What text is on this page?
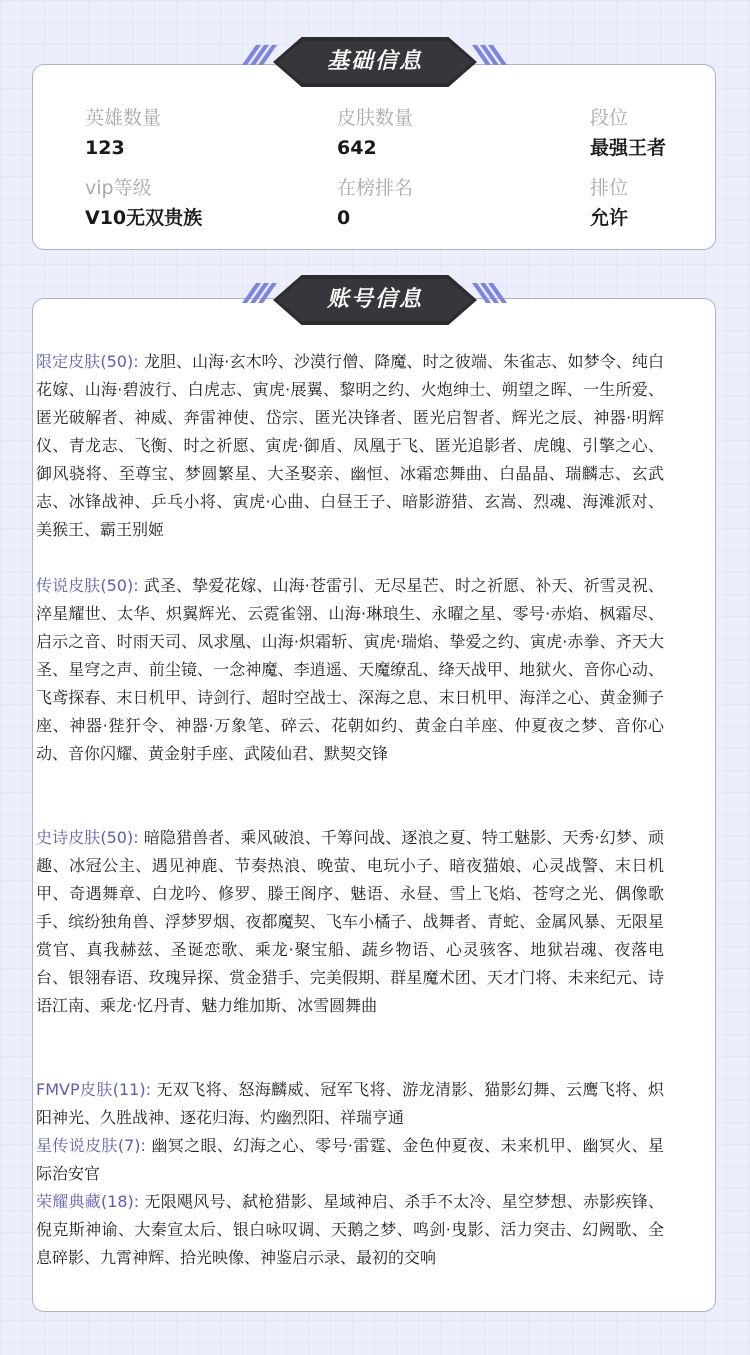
英雄数量
123
皮肤数量
642
段位
最强王者
vip等级
V10无双贵族
在榜排名
0
排位
允许
基础信息
账号信息
限定皮肤(50): 龙胆、山海·玄木吟、沙漠行僧、降魔、时之彼端、朱雀志、如梦令、纯白花嫁、山海·碧波行、白虎志、寅虎·展翼、黎明之约、火炮绅士、朔望之晖、一生所爱、匿光破解者、神威、奔雷神使、岱宗、匿光决锋者、匿光启智者、辉光之辰、神器·明辉仪、青龙志、飞衡、时之祈愿、寅虎·御盾、凤凰于飞、匿光追影者、虎魄、引擎之心、御风骁将、至尊宝、梦圆繁星、大圣娶亲、幽恒、冰霜恋舞曲、白晶晶、瑞麟志、玄武志、冰锋战神、乒乓小将、寅虎·心曲、白昼王子、暗影游猎、玄嵩、烈魂、海滩派对、美猴王、霸王别姬
传说皮肤(50): 武圣、挚爱花嫁、山海·苍雷引、无尽星芒、时之祈愿、补天、祈雪灵祝、淬星耀世、太华、炽翼辉光、云霓雀翎、山海·琳琅生、永曜之星、零号·赤焰、枫霜尽、启示之音、时雨天司、凤求凰、山海·炽霜斩、寅虎·瑞焰、挚爱之约、寅虎·赤拳、齐天大圣、星穹之声、前尘镜、一念神魔、李逍遥、天魔缭乱、绛天战甲、地狱火、音你心动、飞鸢探春、末日机甲、诗剑行、超时空战士、深海之息、末日机甲、海洋之心、黄金狮子座、神器·狴犴令、神器·万象笔、碎云、花朝如约、黄金白羊座、仲夏夜之梦、音你心动、音你闪耀、黄金射手座、武陵仙君、默契交锋
史诗皮肤(50): 暗隐猎兽者、乘风破浪、千筹问战、逐浪之夏、特工魅影、天秀·幻梦、顽趣、冰冠公主、遇见神鹿、节奏热浪、晚萤、电玩小子、暗夜猫娘、心灵战警、末日机甲、奇遇舞章、白龙吟、修罗、滕王阁序、魅语、永昼、雪上飞焰、苍穹之光、偶像歌手、缤纷独角兽、浮梦罗烟、夜都魔契、飞车小橘子、战舞者、青蛇、金属风暴、无限星赏官、真我赫兹、圣诞恋歌、乘龙·聚宝船、蔬乡物语、心灵骇客、地狱岩魂、夜落电台、银翎春语、玫瑰异探、赏金猎手、完美假期、群星魔术团、天才门将、未来纪元、诗语江南、乘龙·忆丹青、魅力维加斯、冰雪圆舞曲
FMVP皮肤(11): 无双飞将、怒海麟威、冠军飞将、游龙清影、猫影幻舞、云鹰飞将、炽阳神光、久胜战神、逐花归海、灼幽烈阳、祥瑞亨通
星传说皮肤(7): 幽冥之眼、幻海之心、零号·雷霆、金色仲夏夜、未来机甲、幽冥火、星际治安官
荣耀典藏(18): 无限飓风号、弑枪猎影、星域神启、杀手不太冷、星空梦想、赤影疾锋、倪克斯神谕、大秦宣太后、银白咏叹调、天鹅之梦、鸣剑·曳影、活力突击、幻阙歌、全息碎影、九霄神辉、拾光映像、神鉴启示录、最初的交响
